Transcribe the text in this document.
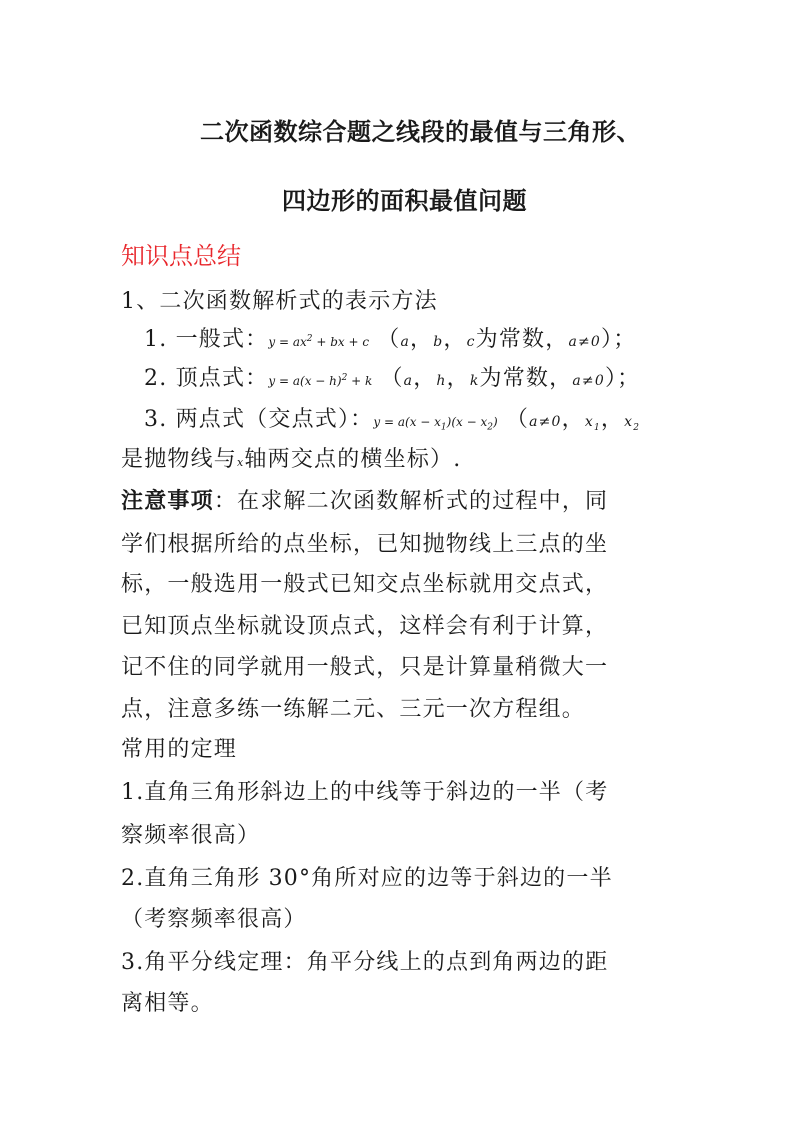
二次函数综合题之线段的最值与三角形、
四边形的面积最值问题
知识点总结
1、二次函数解析式的表示方法
1. 一般式：$y = ax^2$ + bx + c （a，b，c为常数，a≠0）；
2. 顶点式：$y = a(x - h)^2 + k$ （a，h，k为常数，a≠0）；
3. 两点式（交点式）：$y = a(x - x_1)(x - x_2)$ （a≠0，$x_1$，$x_2$
是抛物线与x轴两交点的横坐标）.
注意事项：在求解二次函数解析式的过程中，同
学们根据所给的点坐标，已知抛物线上三点的坐
标，一般选用一般式已知交点坐标就用交点式，
已知顶点坐标就设顶点式，这样会有利于计算，
记不住的同学就用一般式，只是计算量稍微大一
点，注意多练一练解二元、三元一次方程组。
常用的定理
1.直角三角形斜边上的中线等于斜边的一半（考
察频率很高）
2.直角三角形 30°角所对应的边等于斜边的一半
（考察频率很高）
3.角平分线定理：角平分线上的点到角两边的距
离相等。
